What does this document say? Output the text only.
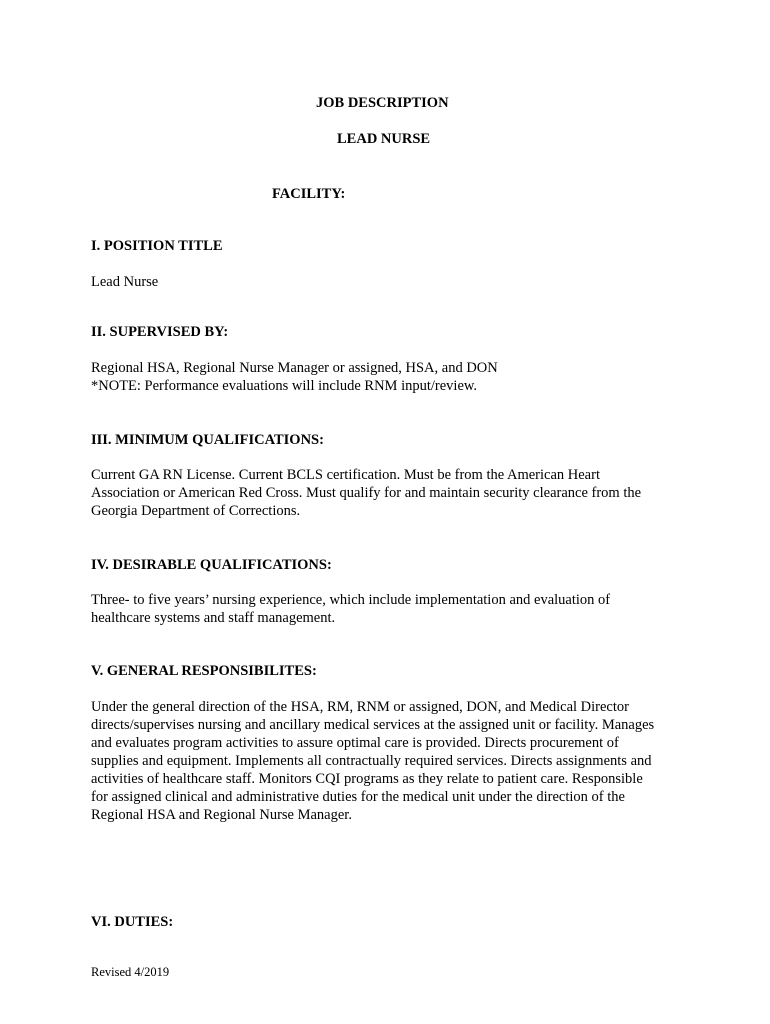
JOB DESCRIPTION
LEAD NURSE
FACILITY:
I. POSITION TITLE
Lead Nurse
II. SUPERVISED BY:
Regional HSA, Regional Nurse Manager or assigned, HSA, and DON
*NOTE: Performance evaluations will include RNM input/review.
III. MINIMUM QUALIFICATIONS:
Current GA RN License. Current BCLS certification. Must be from the American Heart
Association or American Red Cross. Must qualify for and maintain security clearance from the
Georgia Department of Corrections.
IV. DESIRABLE QUALIFICATIONS:
Three- to five years’ nursing experience, which include implementation and evaluation of
healthcare systems and staff management.
V. GENERAL RESPONSIBILITES:
Under the general direction of the HSA, RM, RNM or assigned, DON, and Medical Director
directs/supervises nursing and ancillary medical services at the assigned unit or facility. Manages
and evaluates program activities to assure optimal care is provided. Directs procurement of
supplies and equipment. Implements all contractually required services. Directs assignments and
activities of healthcare staff. Monitors CQI programs as they relate to patient care. Responsible
for assigned clinical and administrative duties for the medical unit under the direction of the
Regional HSA and Regional Nurse Manager.
VI. DUTIES:
Revised 4/2019
